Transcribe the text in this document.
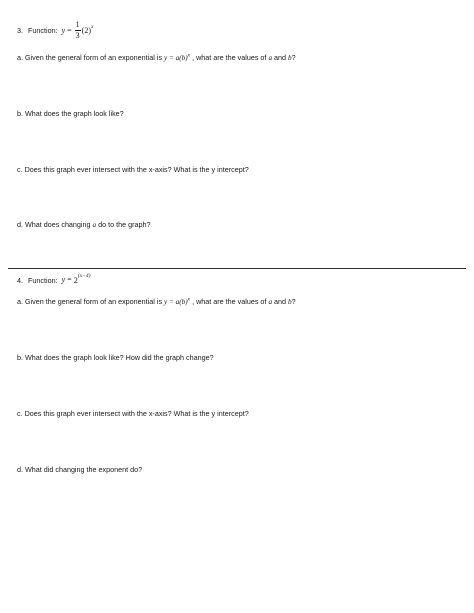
3. Function: $y = \frac{1}{3} (2)^x$
a. Given the general form of an exponential is $y = a(b)^x$ , what are the values of a and b?
b. What does the graph look like?
c. Does this graph ever intersect with the x-axis? What is the y intercept?
d. What does changing a do to the graph?
4. Function: $y = 2^{(x-4)}$
a. Given the general form of an exponential is $y = a(b)^x$ , what are the values of a and b?
b. What does the graph look like? How did the graph change?
c. Does this graph ever intersect with the x-axis? What is the y intercept?
d. What did changing the exponent do?
